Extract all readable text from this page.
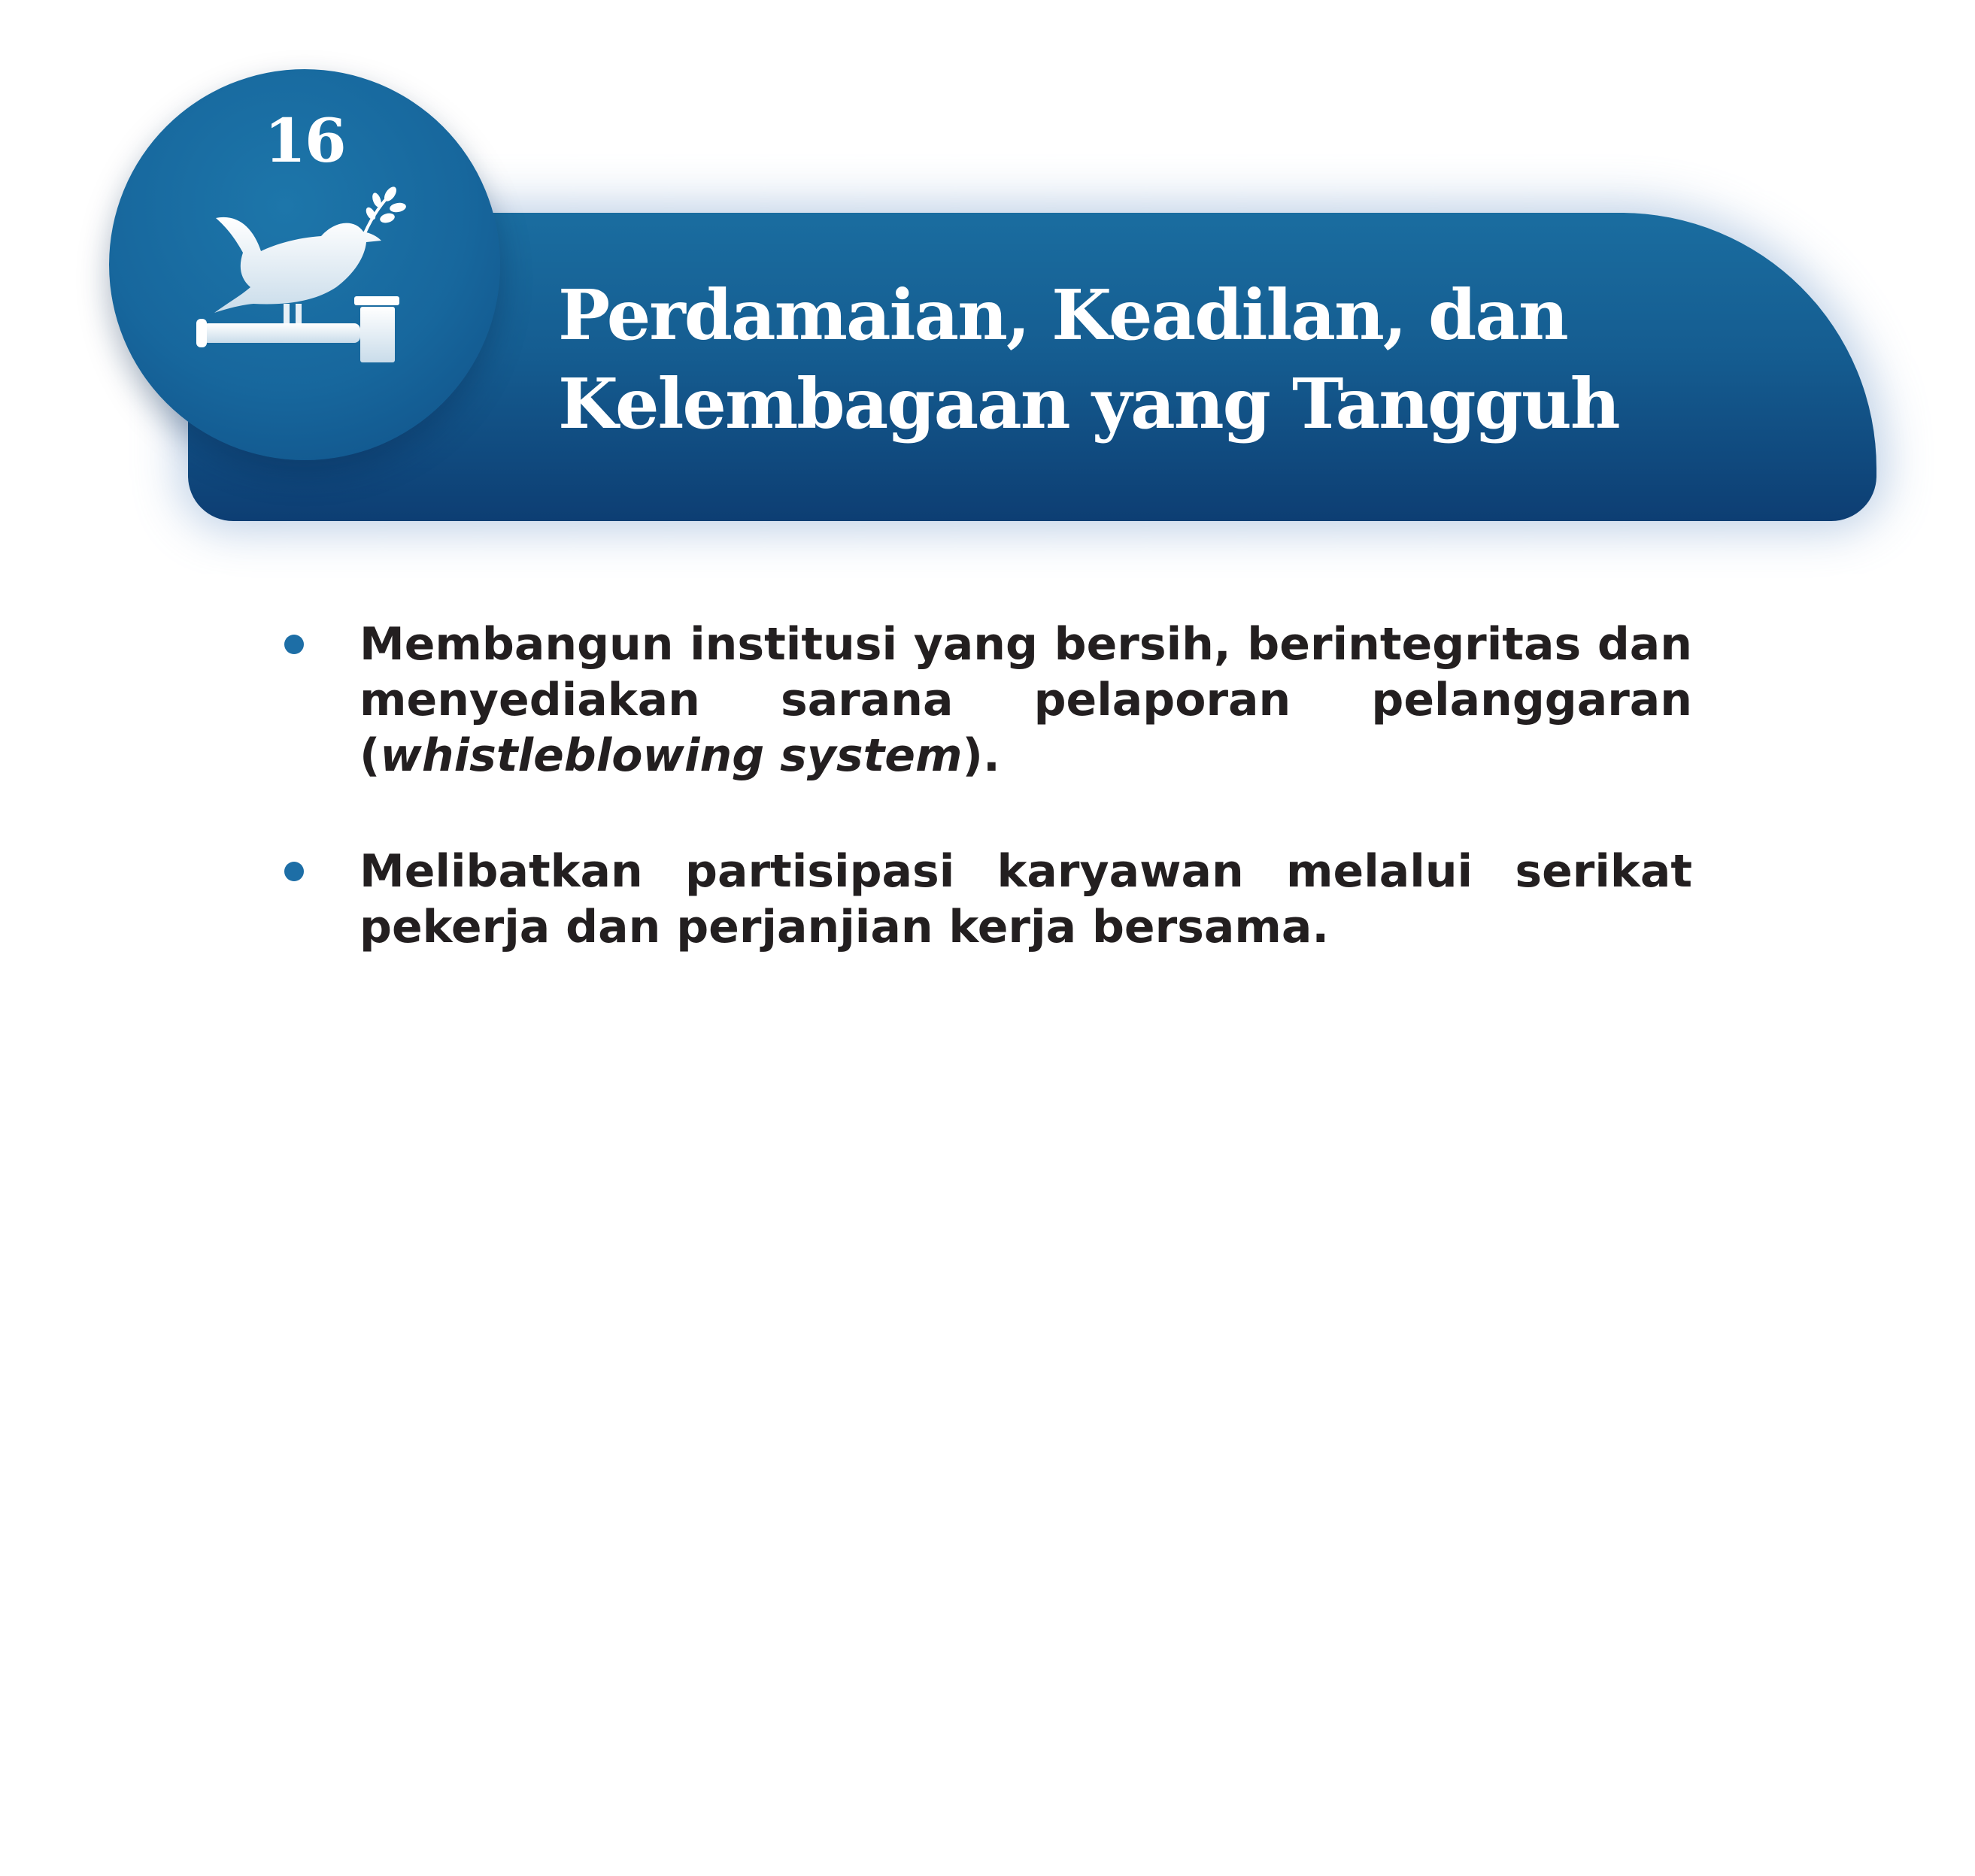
16
Perdamaian, Keadilan, dan
Kelembagaan yang Tangguh
Membangun institusi yang bersih, berintegritas dan menyediakan sarana pelaporan pelanggaran (whistleblowing system).
Melibatkan partisipasi karyawan melalui serikat pekerja dan perjanjian kerja bersama.
